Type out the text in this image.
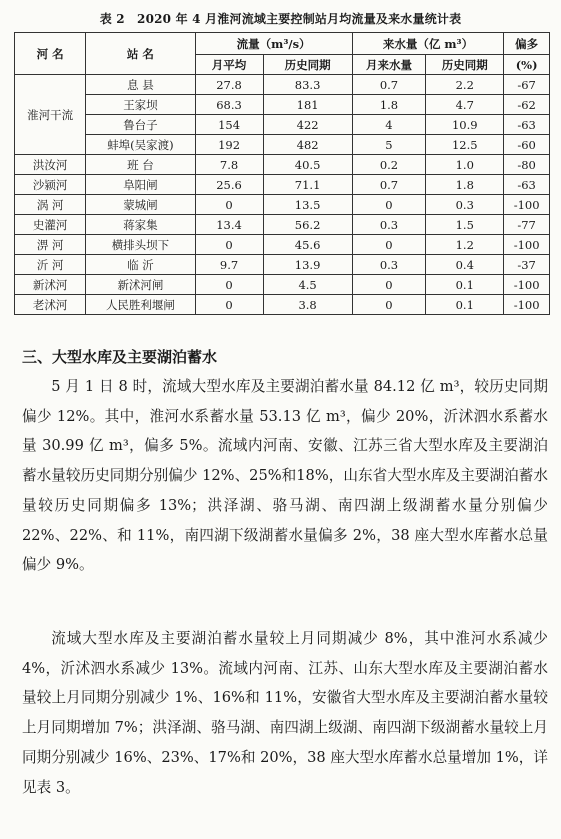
表 2　2020 年 4 月淮河流域主要控制站月均流量及来水量统计表
河 名	站 名	流量（m³/s）		来水量（亿 m³）		偏多
		月平均	历史同期	月来水量	历史同期	(%)
淮河干流	息 县	27.8	83.3	0.7	2.2	-67
	王家坝	68.3	181	1.8	4.7	-62
	鲁台子	154	422	4	10.9	-63
	蚌埠(吴家渡)	192	482	5	12.5	-60
洪汝河	班 台	7.8	40.5	0.2	1.0	-80
沙颍河	阜阳闸	25.6	71.1	0.7	1.8	-63
涡 河	蒙城闸	0	13.5	0	0.3	-100
史灌河	蒋家集	13.4	56.2	0.3	1.5	-77
淠 河	横排头坝下	0	45.6	0	1.2	-100
沂 河	临 沂	9.7	13.9	0.3	0.4	-37
新沭河	新沭河闸	0	4.5	0	0.1	-100
老沭河	人民胜利堰闸	0	3.8	0	0.1	-100
三、大型水库及主要湖泊蓄水

5 月 1 日 8 时，流域大型水库及主要湖泊蓄水量 84.12 亿 m³，较历史同期偏少 12%。其中，淮河水系蓄水量 53.13 亿 m³，偏少 20%，沂沭泗水系蓄水量 30.99 亿 m³，偏多 5%。流域内河南、安徽、江苏三省大型水库及主要湖泊蓄水量较历史同期分别偏少 12%、25%和18%，山东省大型水库及主要湖泊蓄水量较历史同期偏多 13%；洪泽湖、骆马湖、南四湖上级湖蓄水量分别偏少 22%、22%、和 11%，南四湖下级湖蓄水量偏多 2%，38 座大型水库蓄水总量偏少 9%。

流域大型水库及主要湖泊蓄水量较上月同期减少 8%，其中淮河水系减少 4%，沂沭泗水系减少 13%。流域内河南、江苏、山东大型水库及主要湖泊蓄水量较上月同期分别减少 1%、16%和 11%，安徽省大型水库及主要湖泊蓄水量较上月同期增加 7%；洪泽湖、骆马湖、南四湖上级湖、南四湖下级湖蓄水量较上月同期分别减少 16%、23%、17%和 20%，38 座大型水库蓄水总量增加 1%，详见表 3。
